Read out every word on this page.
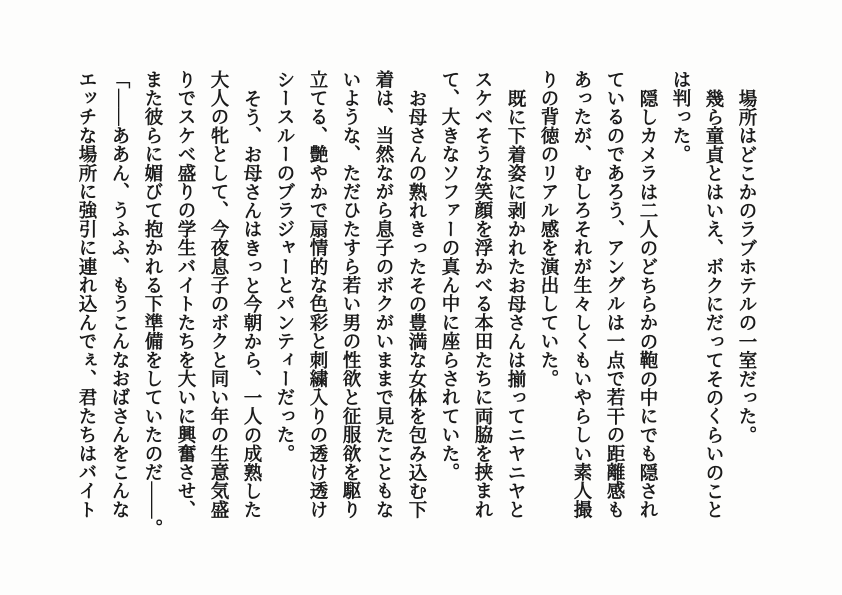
場所はどこかのラブホテルの一室だった。

幾ら童貞とはいえ、ボクにだってそのくらいのこと

は判った。

隠しカメラは二人のどちらかの鞄の中にでも隠され

ているのであろう、アングルは一点で若干の距離感も

あったが、むしろそれが生々しくもいやらしい素人撮

りの背徳のリアル感を演出していた。

既に下着姿に剥かれたお母さんは揃ってニヤニヤと

スケベそうな笑顔を浮かべる本田たちに両脇を挟まれ

て、大きなソファーの真ん中に座らされていた。

お母さんの熟れきったその豊満な女体を包み込む下

着は、当然ながら息子のボクがいままで見たこともな

いような、ただひたすら若い男の性欲と征服欲を駆り

立てる、艶やかで扇情的な色彩と刺繍入りの透け透け

シースルーのブラジャーとパンティーだった。

そう、お母さんはきっと今朝から、一人の成熟した

大人の牝として、今夜息子のボクと同い年の生意気盛

りでスケベ盛りの学生バイトたちを大いに興奮させ、

また彼らに媚びて抱かれる下準備をしていたのだ――。

「――ああん、うふふ、もうこんなおばさんをこんな

エッチな場所に強引に連れ込んでぇ、君たちはバイト
